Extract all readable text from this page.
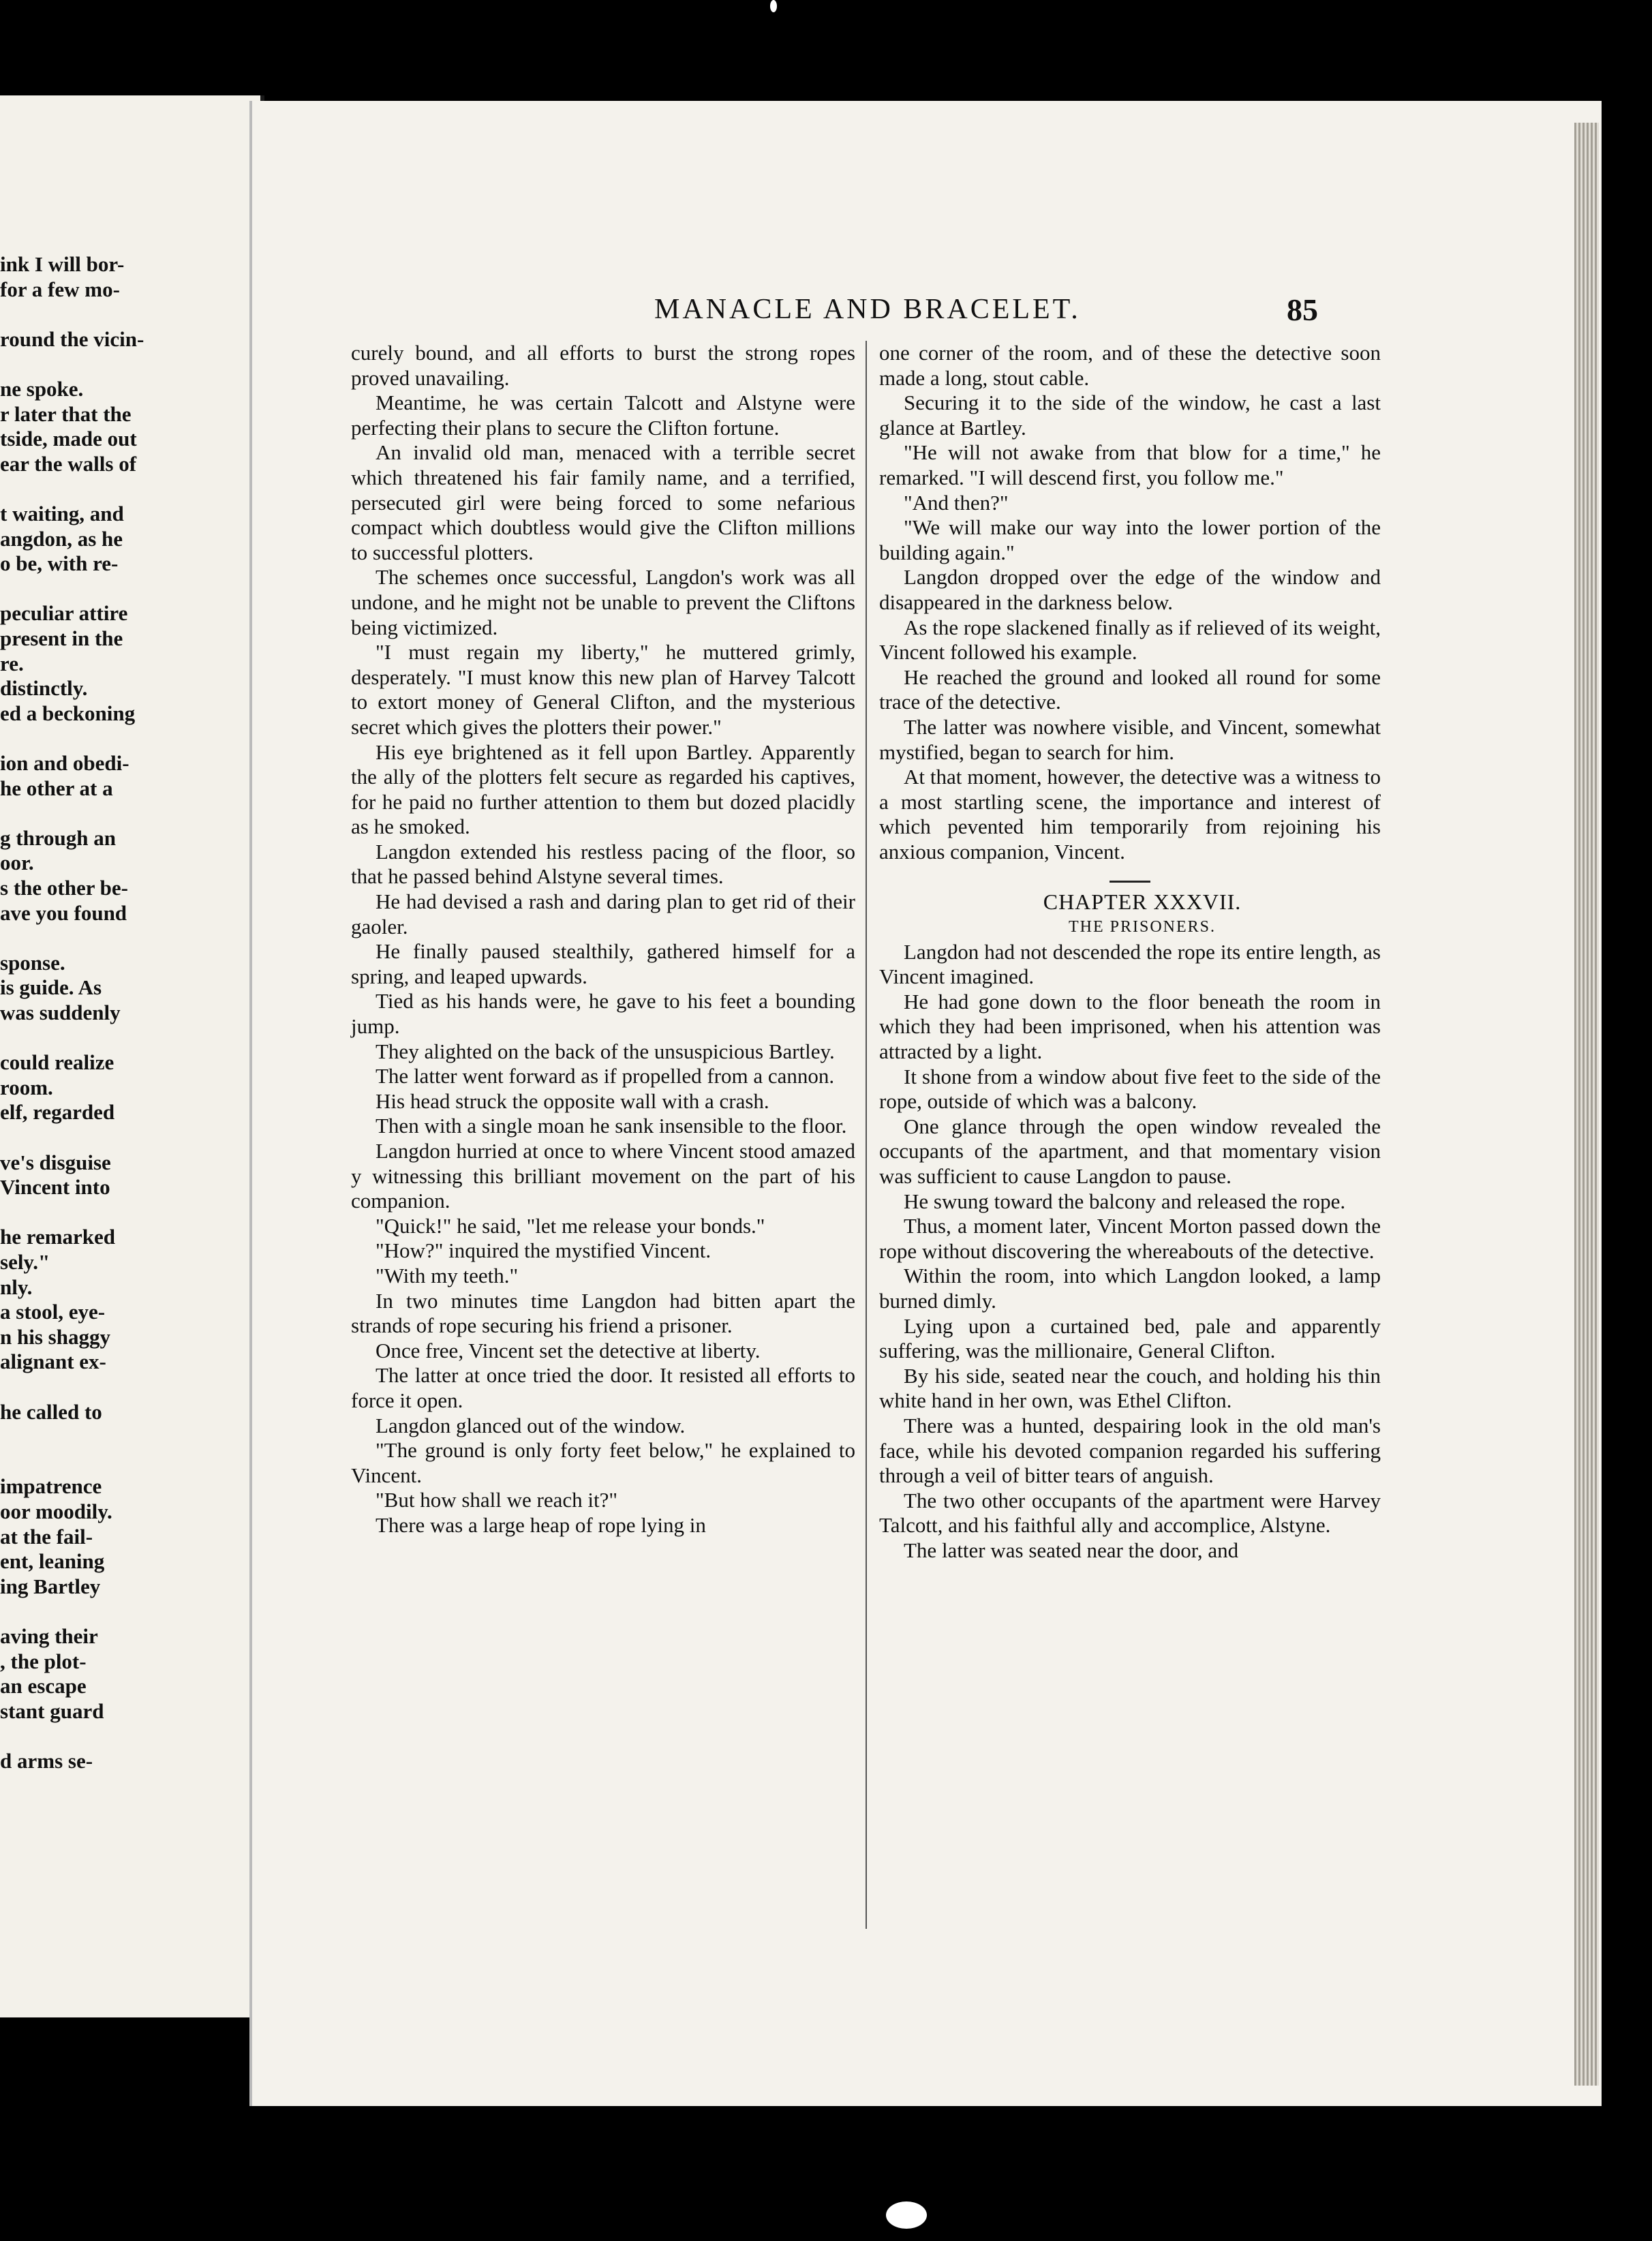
ink I will bor-
for a few mo-
round the vicin-
ne spoke.
r later that the
tside, made out
ear the walls of
t waiting, and
angdon, as he
o be, with re-
peculiar attire
present in the
re.
distinctly.
ed a beckoning
ion and obedi-
he other at a
g through an
oor.
s the other be-
ave you found
sponse.
is guide. As
was suddenly
could realize
room.
elf, regarded
ve's disguise
Vincent into
he remarked
sely."
nly.
a stool, eye-
n his shaggy
alignant ex-
he called to
impatrence
oor moodily.
at the fail-
ent, leaning
ing Bartley
aving their
, the plot-
an escape
stant guard
d arms se-
MANACLE AND BRACELET.	85

curely bound, and all efforts to burst the strong ropes proved unavailing.

Meantime, he was certain Talcott and Alstyne were perfecting their plans to secure the Clifton fortune.

An invalid old man, menaced with a terrible secret which threatened his fair family name, and a terrified, persecuted girl were being forced to some nefarious compact which doubtless would give the Clifton millions to successful plotters.

The schemes once successful, Langdon's work was all undone, and he might not be unable to prevent the Cliftons being victimized.

"I must regain my liberty," he muttered grimly, desperately. "I must know this new plan of Harvey Talcott to extort money of General Clifton, and the mysterious secret which gives the plotters their power."

His eye brightened as it fell upon Bartley. Apparently the ally of the plotters felt secure as regarded his captives, for he paid no further attention to them but dozed placidly as he smoked.

Langdon extended his restless pacing of the floor, so that he passed behind Alstyne several times.

He had devised a rash and daring plan to get rid of their gaoler.

He finally paused stealthily, gathered himself for a spring, and leaped upwards.

Tied as his hands were, he gave to his feet a bounding jump.

They alighted on the back of the unsuspicious Bartley.

The latter went forward as if propelled from a cannon.

His head struck the opposite wall with a crash.

Then with a single moan he sank insensible to the floor.

Langdon hurried at once to where Vincent stood amazed y witnessing this brilliant movement on the part of his companion.

"Quick!" he said, "let me release your bonds."

"How?" inquired the mystified Vincent.

"With my teeth."

In two minutes time Langdon had bitten apart the strands of rope securing his friend a prisoner.

Once free, Vincent set the detective at liberty.

The latter at once tried the door. It resisted all efforts to force it open.

Langdon glanced out of the window.

"The ground is only forty feet below," he explained to Vincent.

"But how shall we reach it?"

There was a large heap of rope lying in

one corner of the room, and of these the detective soon made a long, stout cable.

Securing it to the side of the window, he cast a last glance at Bartley.

"He will not awake from that blow for a time," he remarked. "I will descend first, you follow me."

"And then?"

"We will make our way into the lower portion of the building again."

Langdon dropped over the edge of the window and disappeared in the darkness below.

As the rope slackened finally as if relieved of its weight, Vincent followed his example.

He reached the ground and looked all round for some trace of the detective.

The latter was nowhere visible, and Vincent, somewhat mystified, began to search for him.

At that moment, however, the detective was a witness to a most startling scene, the importance and interest of which pevented him temporarily from rejoining his anxious companion, Vincent.

CHAPTER XXXVII.

THE PRISONERS.

Langdon had not descended the rope its entire length, as Vincent imagined.

He had gone down to the floor beneath the room in which they had been imprisoned, when his attention was attracted by a light.

It shone from a window about five feet to the side of the rope, outside of which was a balcony.

One glance through the open window revealed the occupants of the apartment, and that momentary vision was sufficient to cause Langdon to pause.

He swung toward the balcony and released the rope.

Thus, a moment later, Vincent Morton passed down the rope without discovering the whereabouts of the detective.

Within the room, into which Langdon looked, a lamp burned dimly.

Lying upon a curtained bed, pale and apparently suffering, was the millionaire, General Clifton.

By his side, seated near the couch, and holding his thin white hand in her own, was Ethel Clifton.

There was a hunted, despairing look in the old man's face, while his devoted companion regarded his suffering through a veil of bitter tears of anguish.

The two other occupants of the apartment were Harvey Talcott, and his faithful ally and accomplice, Alstyne.

The latter was seated near the door, and
